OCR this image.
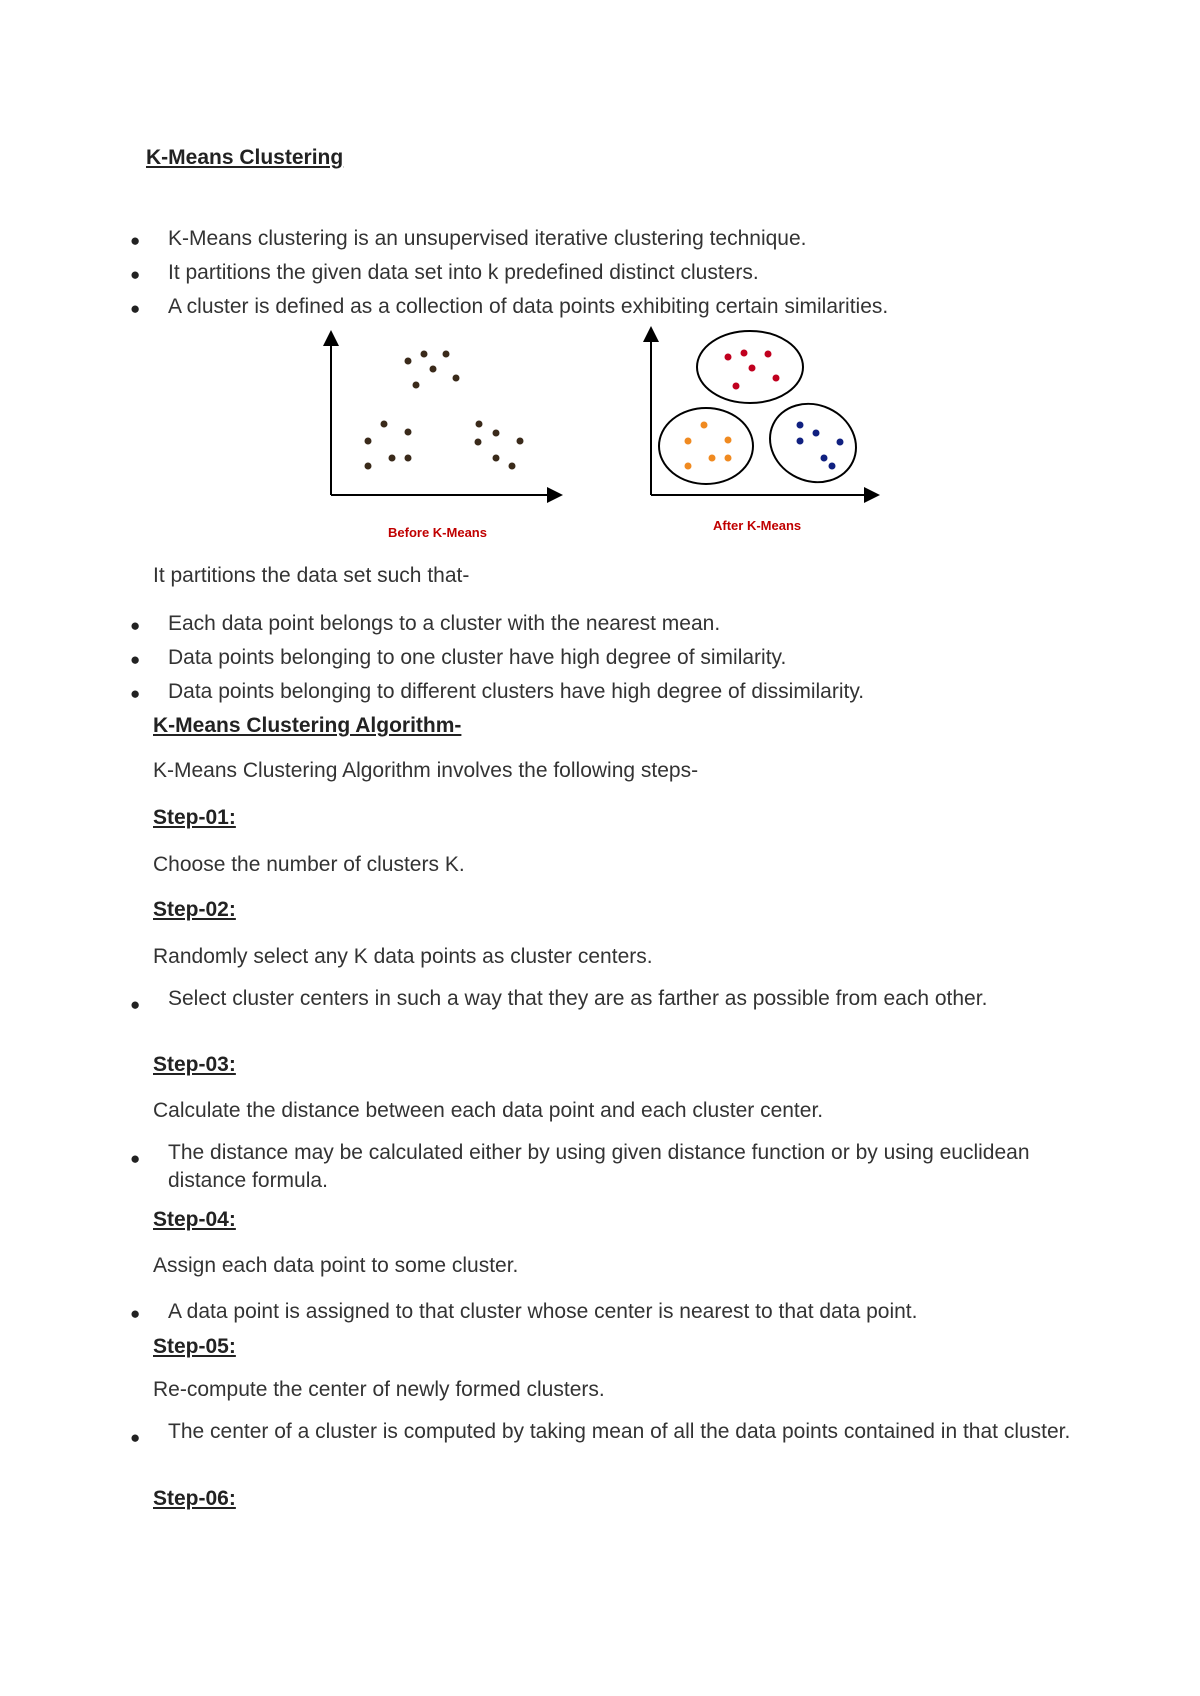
K-Means Clustering
● K-Means clustering is an unsupervised iterative clustering technique.
● It partitions the given data set into k predefined distinct clusters.
● A cluster is defined as a collection of data points exhibiting certain similarities.
Before K-Means	After K-Means
It partitions the data set such that-
● Each data point belongs to a cluster with the nearest mean.
● Data points belonging to one cluster have high degree of similarity.
● Data points belonging to different clusters have high degree of dissimilarity.
K-Means Clustering Algorithm-
K-Means Clustering Algorithm involves the following steps-
Step-01:
Choose the number of clusters K.
Step-02:
Randomly select any K data points as cluster centers.
● Select cluster centers in such a way that they are as farther as possible from each other.
Step-03:
Calculate the distance between each data point and each cluster center.
● The distance may be calculated either by using given distance function or by using euclidean distance formula.
Step-04:
Assign each data point to some cluster.
● A data point is assigned to that cluster whose center is nearest to that data point.
Step-05:
Re-compute the center of newly formed clusters.
● The center of a cluster is computed by taking mean of all the data points contained in that cluster.
Step-06:
